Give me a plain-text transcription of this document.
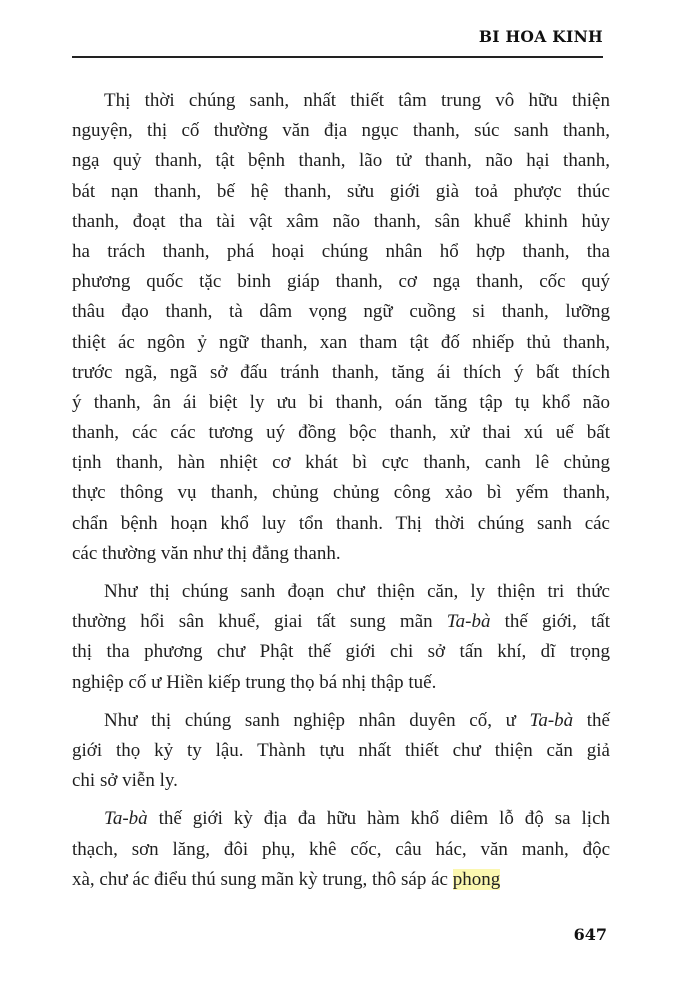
BI HOA KINH
Thị thời chúng sanh, nhất thiết tâm trung vô hữu thiện
nguyện, thị cố thường văn địa ngục thanh, súc sanh thanh,
ngạ quỷ thanh, tật bệnh thanh, lão tử thanh, não hại thanh,
bát nạn thanh, bế hệ thanh, sửu giới già toả phược thúc
thanh, đoạt tha tài vật xâm não thanh, sân khuể khinh hủy
ha trách thanh, phá hoại chúng nhân hổ hợp thanh, tha
phương quốc tặc binh giáp thanh, cơ ngạ thanh, cốc quý
thâu đạo thanh, tà dâm vọng ngữ cuồng si thanh, lưỡng
thiệt ác ngôn ỷ ngữ thanh, xan tham tật đố nhiếp thủ thanh,
trước ngã, ngã sở đấu tránh thanh, tăng ái thích ý bất thích
ý thanh, ân ái biệt ly ưu bi thanh, oán tăng tập tụ khổ não
thanh, các các tương uý đồng bộc thanh, xử thai xú uế bất
tịnh thanh, hàn nhiệt cơ khát bì cực thanh, canh lê chủng
thực thông vụ thanh, chủng chủng công xảo bì yếm thanh,
chẩn bệnh hoạn khổ luy tổn thanh. Thị thời chúng sanh các
các thường văn như thị đẳng thanh.
Như thị chúng sanh đoạn chư thiện căn, ly thiện tri thức
thường hổi sân khuể, giai tất sung mãn Ta-bà thế giới, tất
thị tha phương chư Phật thế giới chi sở tấn khí, dĩ trọng
nghiệp cố ư Hiền kiếp trung thọ bá nhị thập tuế.
Như thị chúng sanh nghiệp nhân duyên cố, ư Ta-bà thế
giới thọ kỷ ty lậu. Thành tựu nhất thiết chư thiện căn giả
chi sở viễn ly.
Ta-bà thế giới kỳ địa đa hữu hàm khổ diêm lỗ độ sa lịch
thạch, sơn lăng, đôi phụ, khê cốc, câu hác, văn manh, độc
xà, chư ác điểu thú sung mãn kỳ trung, thô sáp ác phong
647
